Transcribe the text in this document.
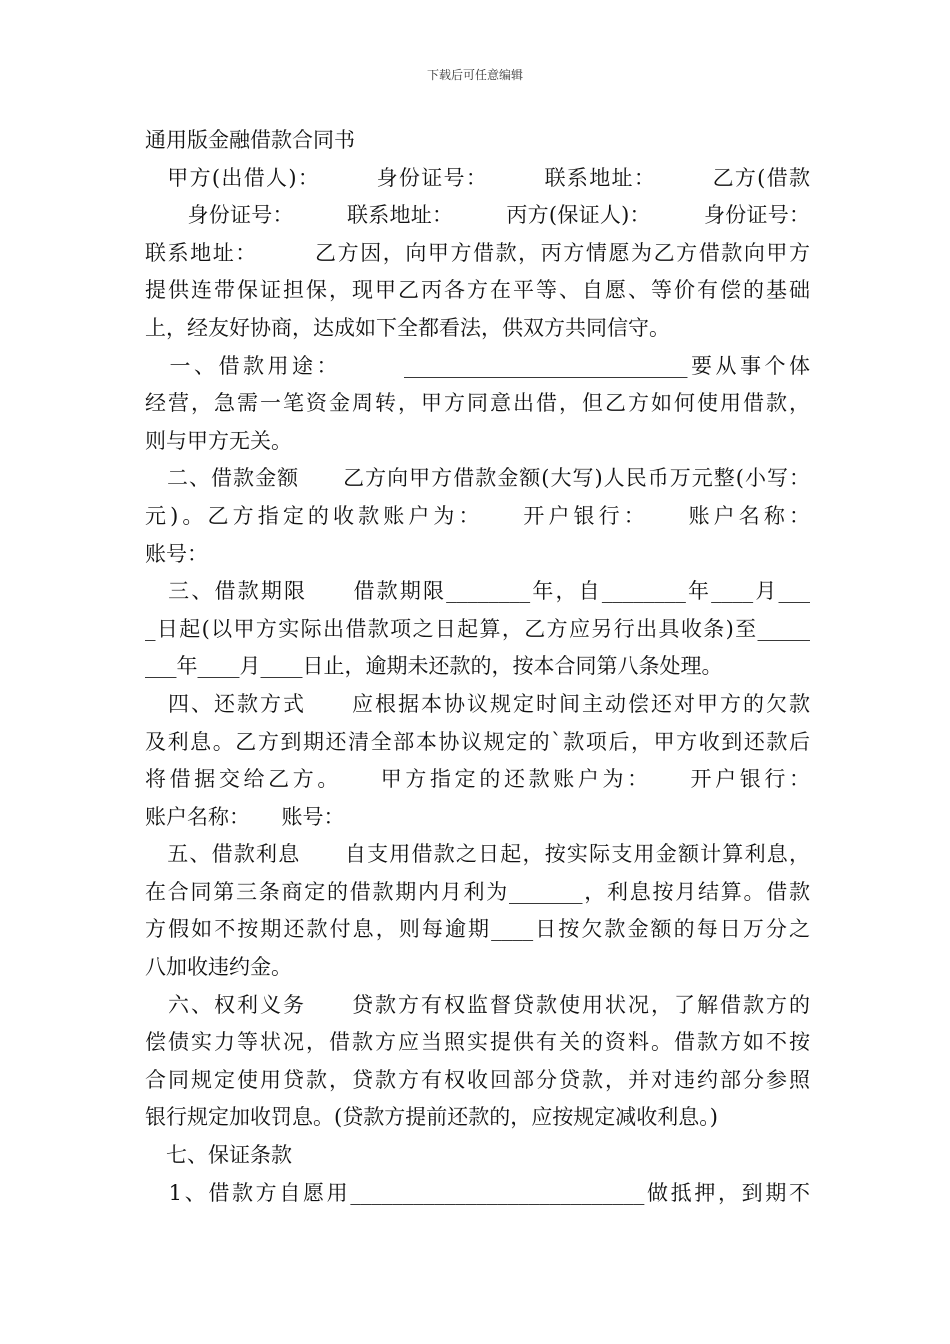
下载后可任意编辑
通用版金融借款合同书
　甲方(出借人)：　　　身份证号：　　　联系地址：　　　乙方(借款
　　身份证号：　　　联系地址：　　　丙方(保证人)：　　　身份证号：
联系地址：　　　乙方因，向甲方借款，丙方情愿为乙方借款向甲方
提供连带保证担保，现甲乙丙各方在平等、自愿、等价有偿的基础
上，经友好协商，达成如下全都看法，供双方共同信守。
　一、借款用途：　　　___________________________要从事个体
经营，急需一笔资金周转，甲方同意出借，但乙方如何使用借款，
则与甲方无关。
　二、借款金额　　乙方向甲方借款金额(大写)人民币万元整(小写：
元)。乙方指定的收款账户为：　　开户银行：　　账户名称：
账号：
　三、借款期限　　借款期限________年，自________年____月___
_日起(以甲方实际出借款项之日起算，乙方应另行出具收条)至_____
___年____月____日止，逾期未还款的，按本合同第八条处理。
　四、还款方式　　应根据本协议规定时间主动偿还对甲方的欠款
及利息。乙方到期还清全部本协议规定的`款项后，甲方收到还款后
将借据交给乙方。　　甲方指定的还款账户为：　　开户银行：
账户名称：　　账号：
　五、借款利息　　自支用借款之日起，按实际支用金额计算利息，
在合同第三条商定的借款期内月利为_______，利息按月结算。借款
方假如不按期还款付息，则每逾期____日按欠款金额的每日万分之
八加收违约金。
　六、权利义务　　贷款方有权监督贷款使用状况，了解借款方的
偿债实力等状况，借款方应当照实提供有关的资料。借款方如不按
合同规定使用贷款，贷款方有权收回部分贷款，并对违约部分参照
银行规定加收罚息。(贷款方提前还款的，应按规定减收利息。)
　七、保证条款
　1、借款方自愿用____________________________做抵押，到期不
